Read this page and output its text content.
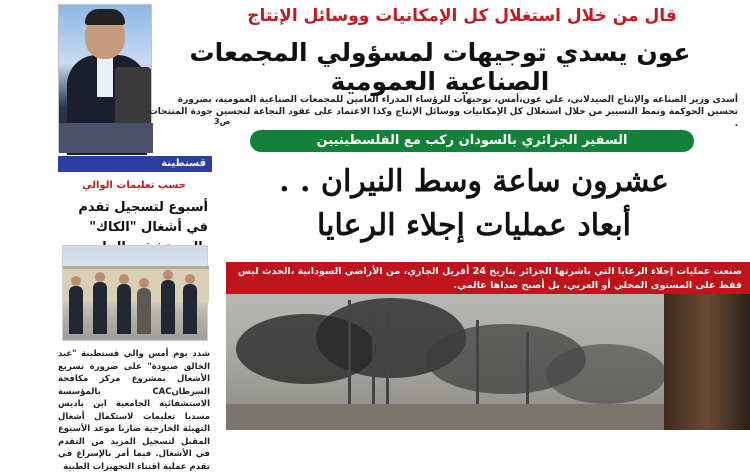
قال من خلال استغلال كل الإمكانيات ووسائل الإنتاج
عون يسدي توجيهات لمسؤولي المجمعات الصناعية العمومية
أسدى وزير الصناعة والإنتاج الصيدلاني، علي عون،أمس، توجيهات للرؤساء المدراء العامين للمجمعات الصناعية العمومية، بضرورة تحسين الحوكمة ونمط التسيير من خلال استغلال كل الإمكانيات ووسائل الإنتاج وكذا الاعتماد على عقود النجاعة لتحسين جودة المنتجات .
ص3
قسنطينة
حسب تعليمات الوالي
أسبوع لتسجيل تقدم في أشغال "الكاك"
شدد يوم أمس والي قسنطينة "عبد الخالق صيودة" على ضرورة تسريع الأشغال بمشروع مركز مكافحة السرطانCAC بالمؤسسة الاستشفائية الجامعية ابن باديس مسديا تعليمات لاستكمال أشغال التهيئة الخارجية ضاربا موعد الأسبوع المقبل لتسجيل المزيد من التقدم في الأشغال. فيما أمر بالإسراع في تقدم عملية اقتناء التجهيزات الطبية
السفير الجزائري بالسودان ركب مع الفلسطينيين
عشرون ساعة وسط النيران . .
أبعاد عمليات إجلاء الرعايا
صنعت عمليات إجلاء الرعايا التي باشرتها الجزائر بتاريخ 24 أفريل الجاري، من الأراضي السودانية ،الحدث ليس فقط على المستوى المحلي أو العربي، بل أصبح صداها عالمي.
